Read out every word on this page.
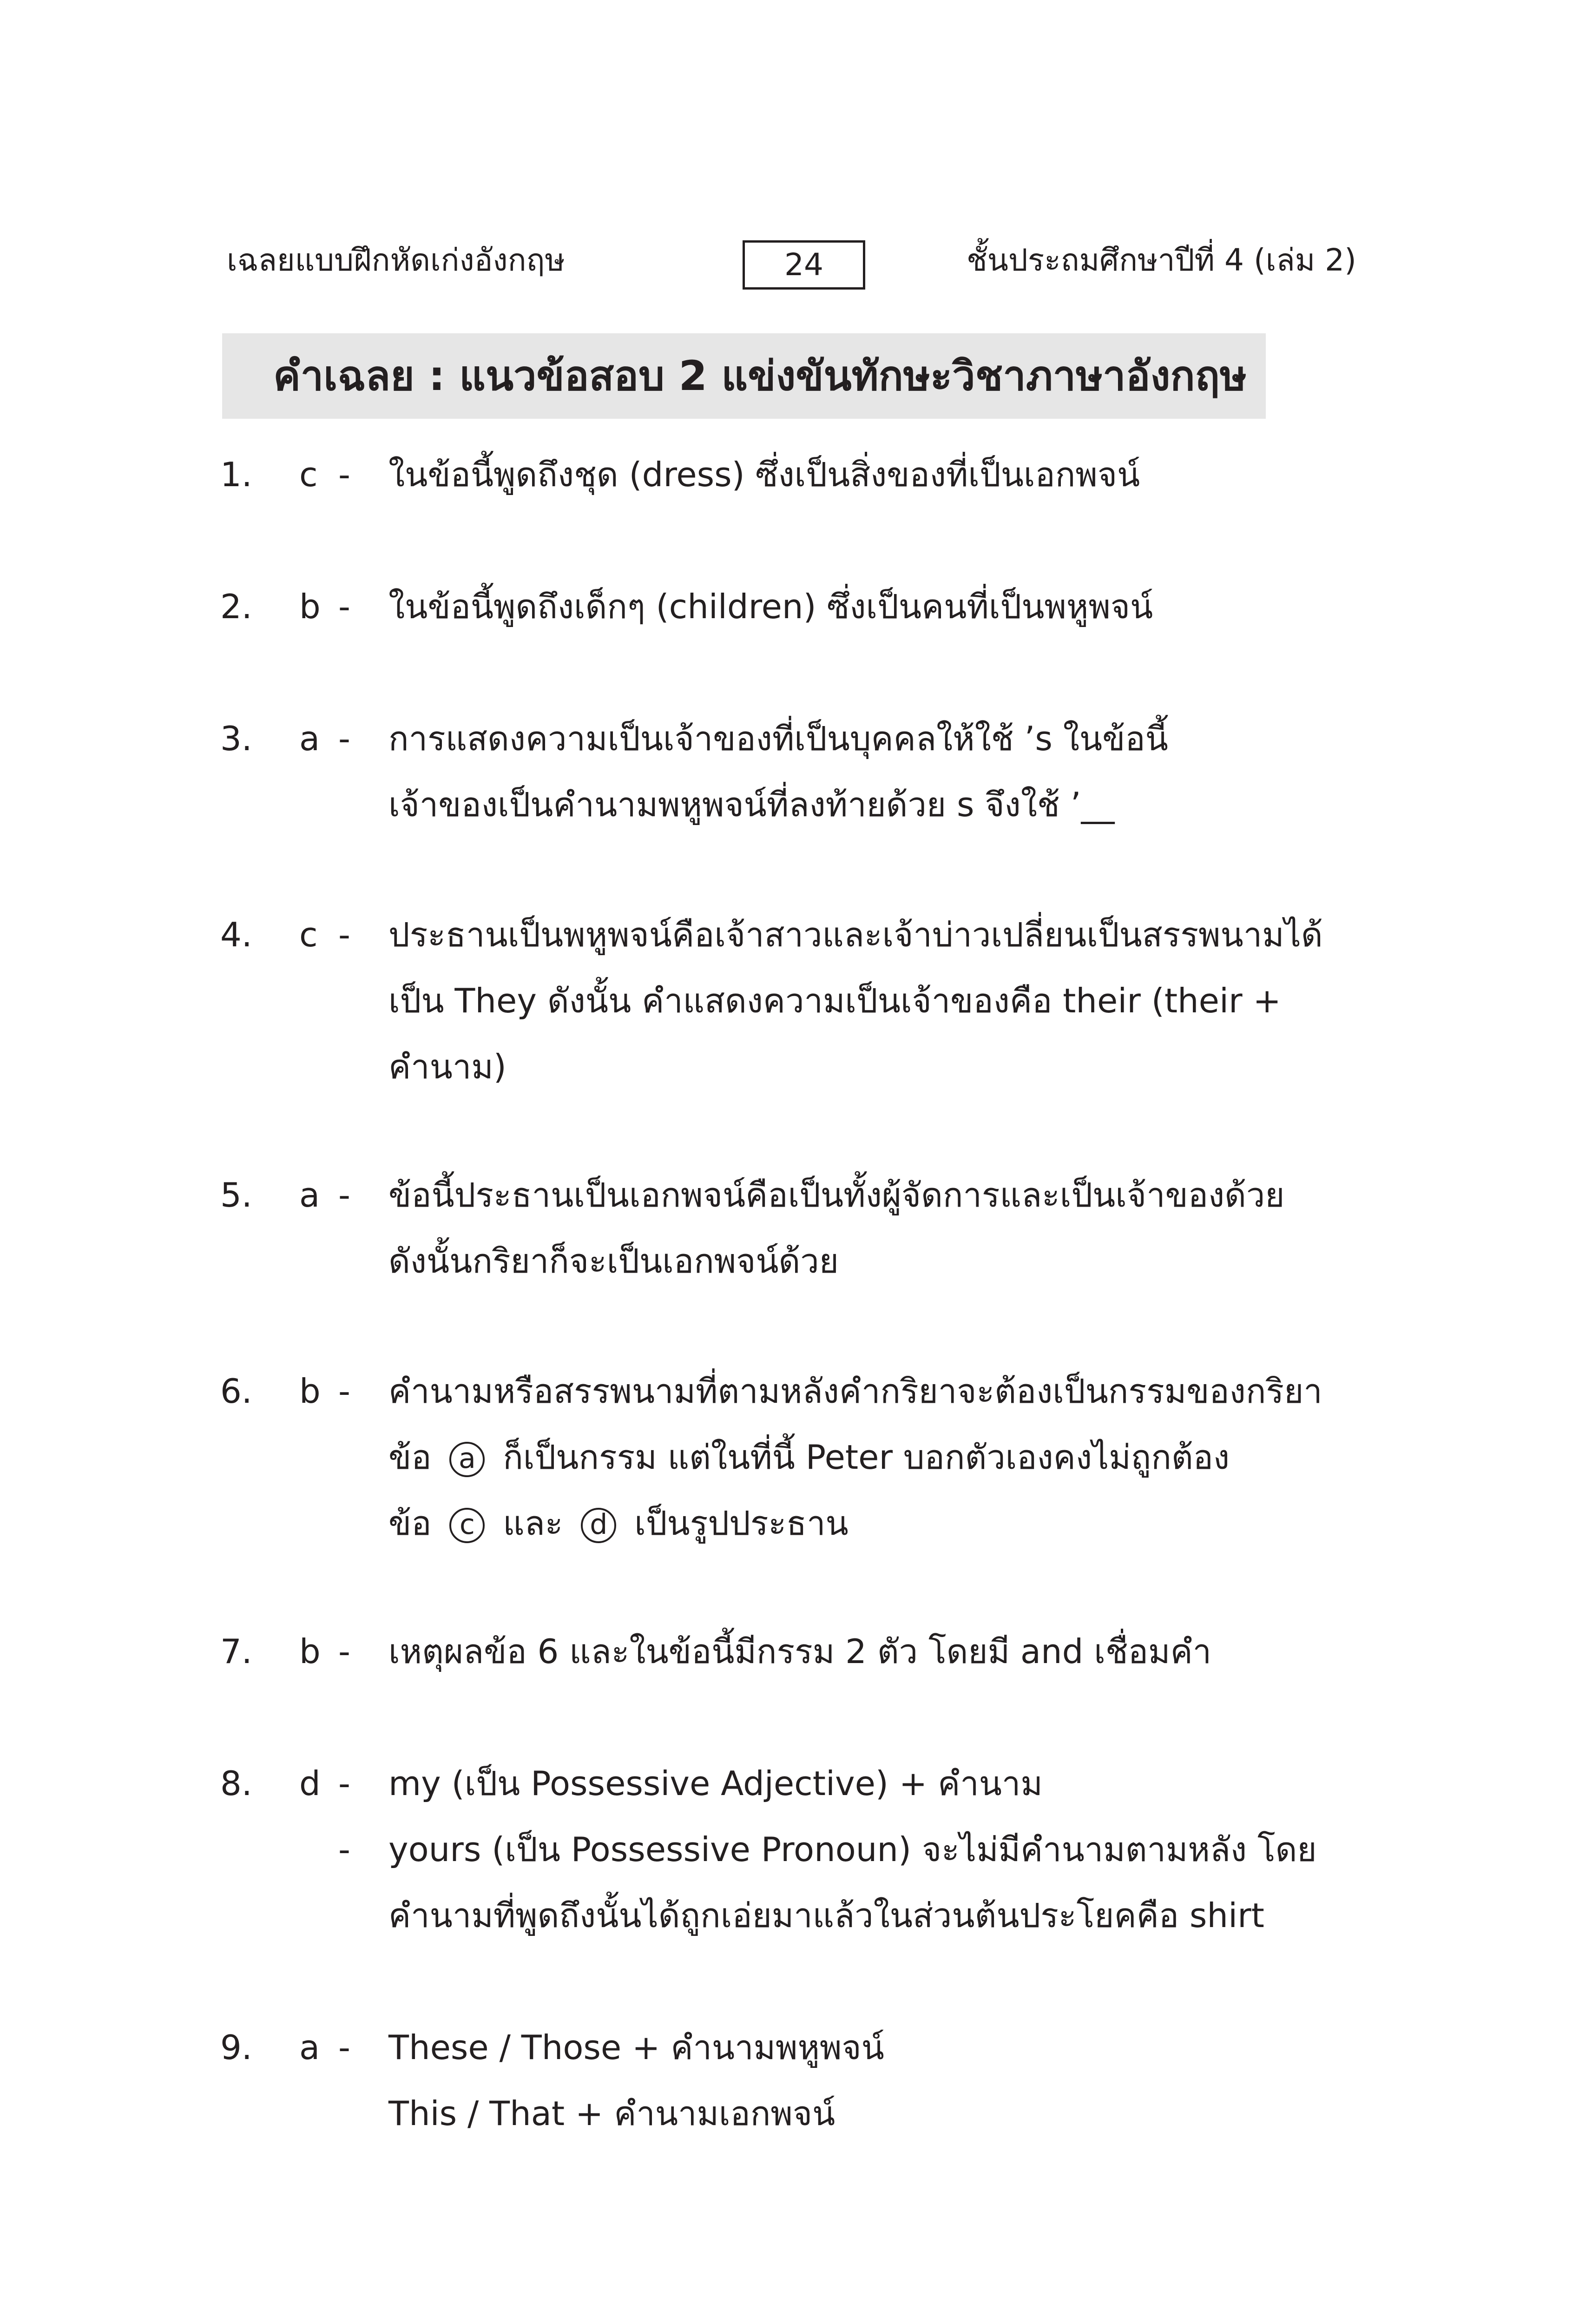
เฉลยแบบฝึกหัดเก่งอังกฤษ	24	ชั้นประถมศึกษาปีที่ 4 (เล่ม 2)
คำเฉลย : แนวข้อสอบ 2 แข่งขันทักษะวิชาภาษาอังกฤษ
1. c - ในข้อนี้พูดถึงชุด (dress) ซึ่งเป็นสิ่งของที่เป็นเอกพจน์
2. b - ในข้อนี้พูดถึงเด็กๆ (children) ซึ่งเป็นคนที่เป็นพหูพจน์
3. a - การแสดงความเป็นเจ้าของที่เป็นบุคคลให้ใช้ ’s ในข้อนี้
เจ้าของเป็นคำนามพหูพจน์ที่ลงท้ายด้วย s จึงใช้ ’__
4. c - ประธานเป็นพหูพจน์คือเจ้าสาวและเจ้าบ่าวเปลี่ยนเป็นสรรพนามได้
เป็น They ดังนั้น คำแสดงความเป็นเจ้าของคือ their (their +
คำนาม)
5. a - ข้อนี้ประธานเป็นเอกพจน์คือเป็นทั้งผู้จัดการและเป็นเจ้าของด้วย
ดังนั้นกริยาก็จะเป็นเอกพจน์ด้วย
6. b - คำนามหรือสรรพนามที่ตามหลังคำกริยาจะต้องเป็นกรรมของกริยา
ข้อ a ก็เป็นกรรม แต่ในที่นี้ Peter บอกตัวเองคงไม่ถูกต้อง
ข้อ c และ d เป็นรูปประธาน
7. b - เหตุผลข้อ 6 และในข้อนี้มีกรรม 2 ตัว โดยมี and เชื่อมคำ
8. d -
-
my (เป็น Possessive Adjective) + คำนาม
yours (เป็น Possessive Pronoun) จะไม่มีคำนามตามหลัง โดย
คำนามที่พูดถึงนั้นได้ถูกเอ่ยมาแล้วในส่วนต้นประโยคคือ shirt
9. a - These / Those + คำนามพหูพจน์
This / That + คำนามเอกพจน์
